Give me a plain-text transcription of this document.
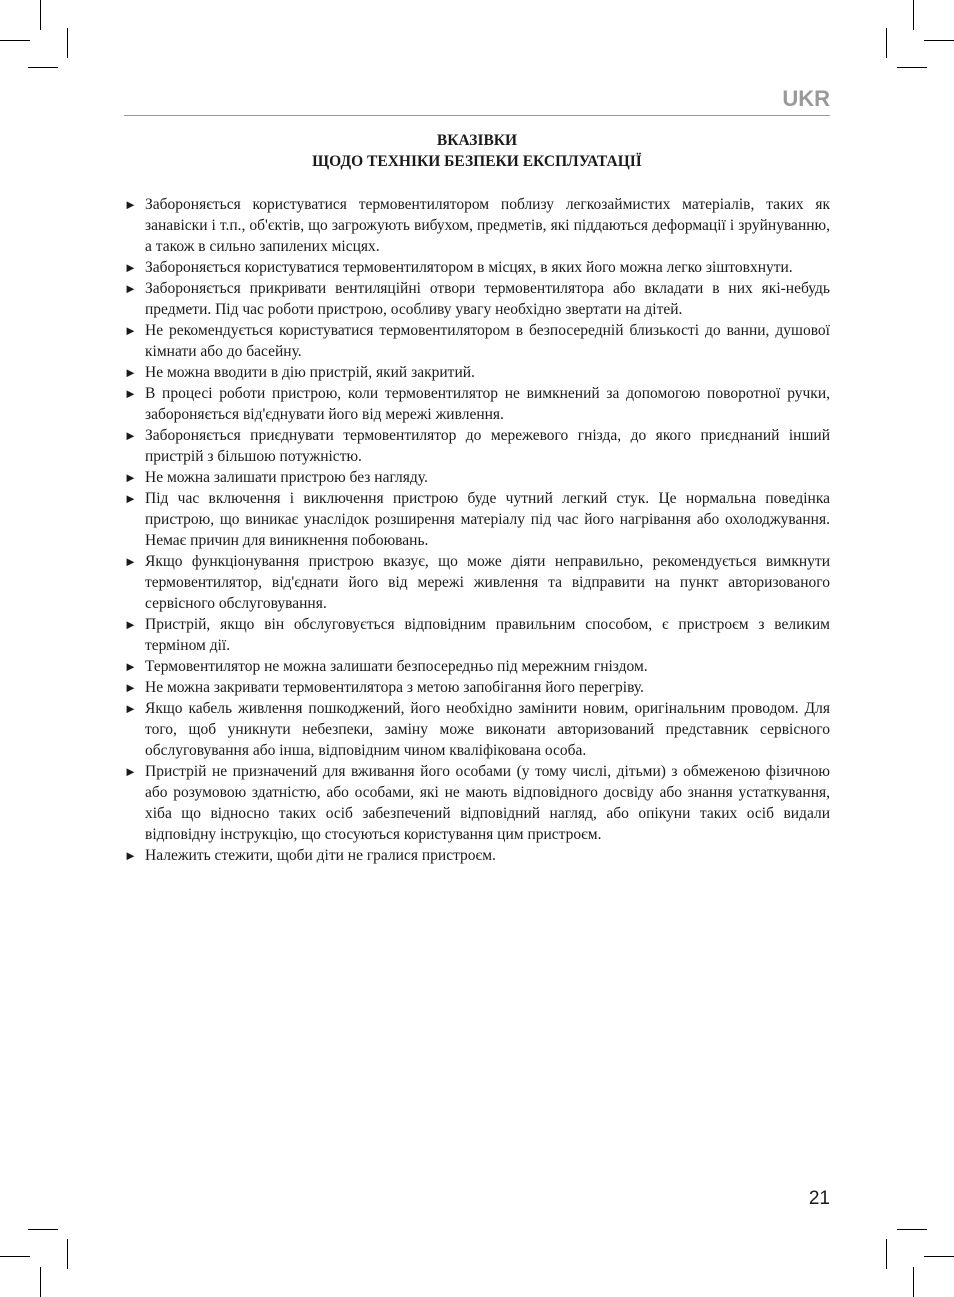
UKR
ВКАЗІВКИ
ЩОДО ТЕХНІКИ БЕЗПЕКИ ЕКСПЛУАТАЦІЇ
► Забороняється користуватися термовентилятором поблизу легкозаймистих матеріалів, таких як занавіски і т.п., об'єктів, що загрожують вибухом, предметів, які піддаються деформації і зруйнуванню, а також в сильно запилених місцях.
► Забороняється користуватися термовентилятором в місцях, в яких його можна легко зіштовхнути.
► Забороняється прикривати вентиляційні отвори термовентилятора або вкладати в них які-небудь предмети. Під час роботи пристрою, особливу увагу необхідно звертати на дітей.
► Не рекомендується користуватися термовентилятором в безпосередній близькості до ванни, душової кімнати або до басейну.
► Не можна вводити в дію пристрій, який закритий.
► В процесі роботи пристрою, коли термовентилятор не вимкнений за допомогою поворотної ручки, забороняється від'єднувати його від мережі живлення.
► Забороняється приєднувати термовентилятор до мережевого гнізда, до якого приєднаний інший пристрій з більшою потужністю.
► Не можна залишати пристрою без нагляду.
► Під час включення і виключення пристрою буде чутний легкий стук. Це нормальна поведінка пристрою, що виникає унаслідок розширення матеріалу під час його нагрівання або охолоджування. Немає причин для виникнення побоювань.
► Якщо функціонування пристрою вказує, що може діяти неправильно, рекомендується вимкнути термовентилятор, від'єднати його від мережі живлення та відправити на пункт авторизованого сервісного обслуговування.
► Пристрій, якщо він обслуговується відповідним правильним способом, є пристроєм з великим терміном дії.
► Термовентилятор не можна залишати безпосередньо під мережним гніздом.
► Не можна закривати термовентилятора з метою запобігання його перегріву.
► Якщо кабель живлення пошкоджений, його необхідно замінити новим, оригінальним проводом. Для того, щоб уникнути небезпеки, заміну може виконати авторизований представник сервісного обслуговування або інша, відповідним чином кваліфікована особа.
► Пристрій не призначений для вживання його особами (у тому числі, дітьми) з обмеженою фізичною або розумовою здатністю, або особами, які не мають відповідного досвіду або знання устаткування, хіба що відносно таких осіб забезпечений відповідний нагляд, або опікуни таких осіб видали відповідну інструкцію, що стосуються користування цим пристроєм.
► Належить стежити, щоби діти не гралися пристроєм.
21
